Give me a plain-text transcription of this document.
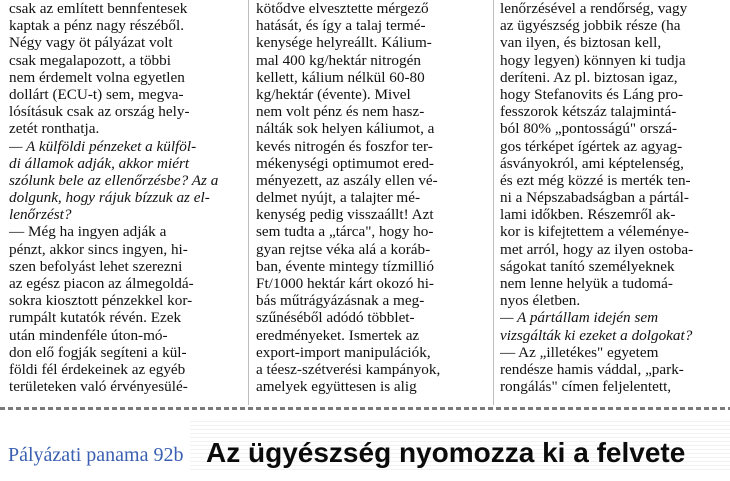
csak az említett bennfentesek
kaptak a pénz nagy részéből.
Négy vagy öt pályázat volt
csak megalapozott, a többi
nem érdemelt volna egyetlen
dollárt (ECU-t) sem, megva-
lósításuk csak az ország hely-
zetét ronthatja.
— A külföldi pénzeket a külföl-
di államok adják, akkor miért
szólunk bele az ellenőrzésbe? Az a
dolgunk, hogy rájuk bízzuk az el-
lenőrzést?
— Még ha ingyen adják a
pénzt, akkor sincs ingyen, hi-
szen befolyást lehet szerezni
az egész piacon az álmegoldá-
sokra kiosztott pénzekkel kor-
rumpált kutatók révén. Ezek
után mindenféle úton-mó-
don elő fogják segíteni a kül-
földi fél érdekeinek az egyéb
területeken való érvényesülé-
kötődve elvesztette mérgező
hatását, és így a talaj termé-
kenysége helyreállt. Kálium-
mal 400 kg/hektár nitrogén
kellett, kálium nélkül 60-80
kg/hektár (évente). Mivel
nem volt pénz és nem hasz-
nálták sok helyen káliumot, a
kevés nitrogén és foszfor ter-
mékenységi optimumot ered-
ményezett, az aszály ellen vé-
delmet nyújt, a talajter mé-
kenység pedig visszaállt! Azt
sem tudta a „tárca", hogy ho-
gyan rejtse véka alá a koráb-
ban, évente mintegy tízmillió
Ft/1000 hektár kárt okozó hi-
bás műtrágyázásnak a meg-
szűnéséből adódó többlet-
eredményeket. Ismertek az
export-import manipulációk,
a téesz-szétverési kampányok,
amelyek együttesen is alig
lenőrzésével a rendőrség, vagy
az ügyészség jobbik része (ha
van ilyen, és biztosan kell,
hogy legyen) könnyen ki tudja
deríteni. Az pl. biztosan igaz,
hogy Stefanovits és Láng pro-
fesszorok kétszáz talajmintá-
ból 80% „pontosságú" orszá-
gos térképet ígértek az agyag-
ásványokról, ami képtelenség,
és ezt még közzé is merték ten-
ni a Népszabadságban a pártál-
lami időkben. Részemről ak-
kor is kifejtettem a véleménye-
met arról, hogy az ilyen ostoba-
ságokat tanító személyeknek
nem lenne helyük a tudomá-
nyos életben.
— A pártállam idején sem
vizsgálták ki ezeket a dolgokat?
— Az „illetékes" egyetem
rendésze hamis váddal, „park-
rongálás" címen feljelentett,
Pályázati panama 92b Az ügyészség nyomozza ki a felvete
